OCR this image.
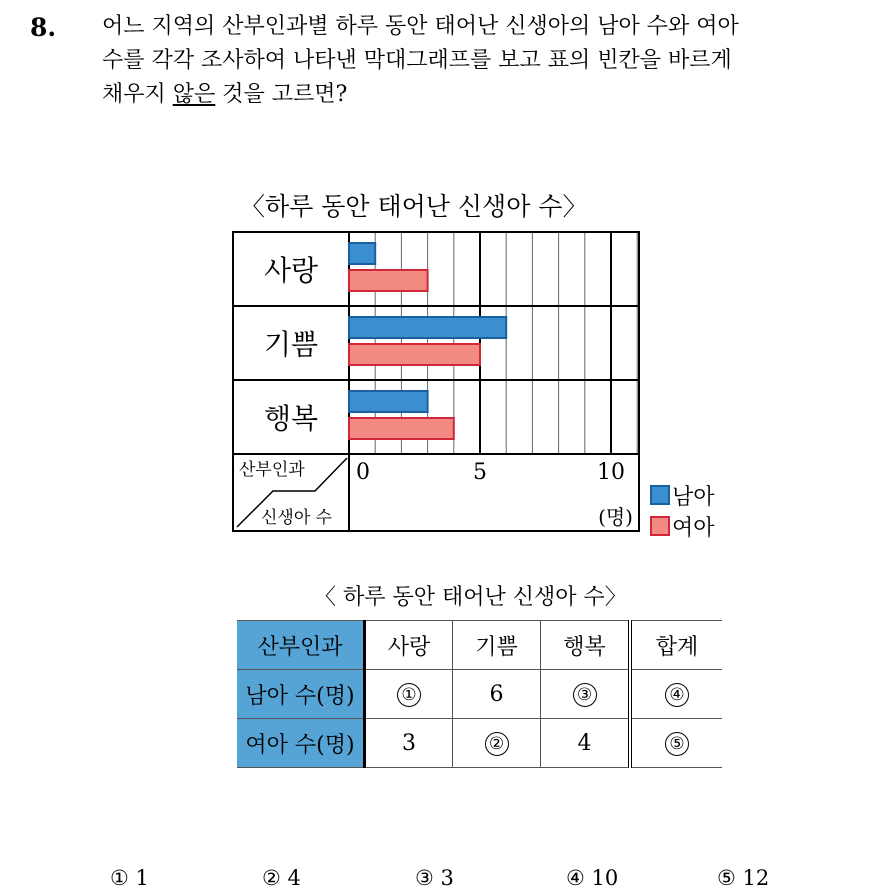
8. 어느 지역의 산부인과별 하루 동안 태어난 신생아의 남아 수와 여아
수를 각각 조사하여 나타낸 막대그래프를 보고 표의 빈칸을 바르게
채우지 않은 것을 고르면?
〈하루 동안 태어난 신생아 수〉
사랑
기쁨
행복
산부인과
신생아 수
0	5	10
(명)
남아
여아
〈 하루 동안 태어난 신생아 수〉
산부인과	사랑	기쁨	행복	합계
남아 수(명)	①	6	③	④
여아 수(명)	3	②	4	⑤
① 1	② 4	③ 3	④ 10	⑤ 12
